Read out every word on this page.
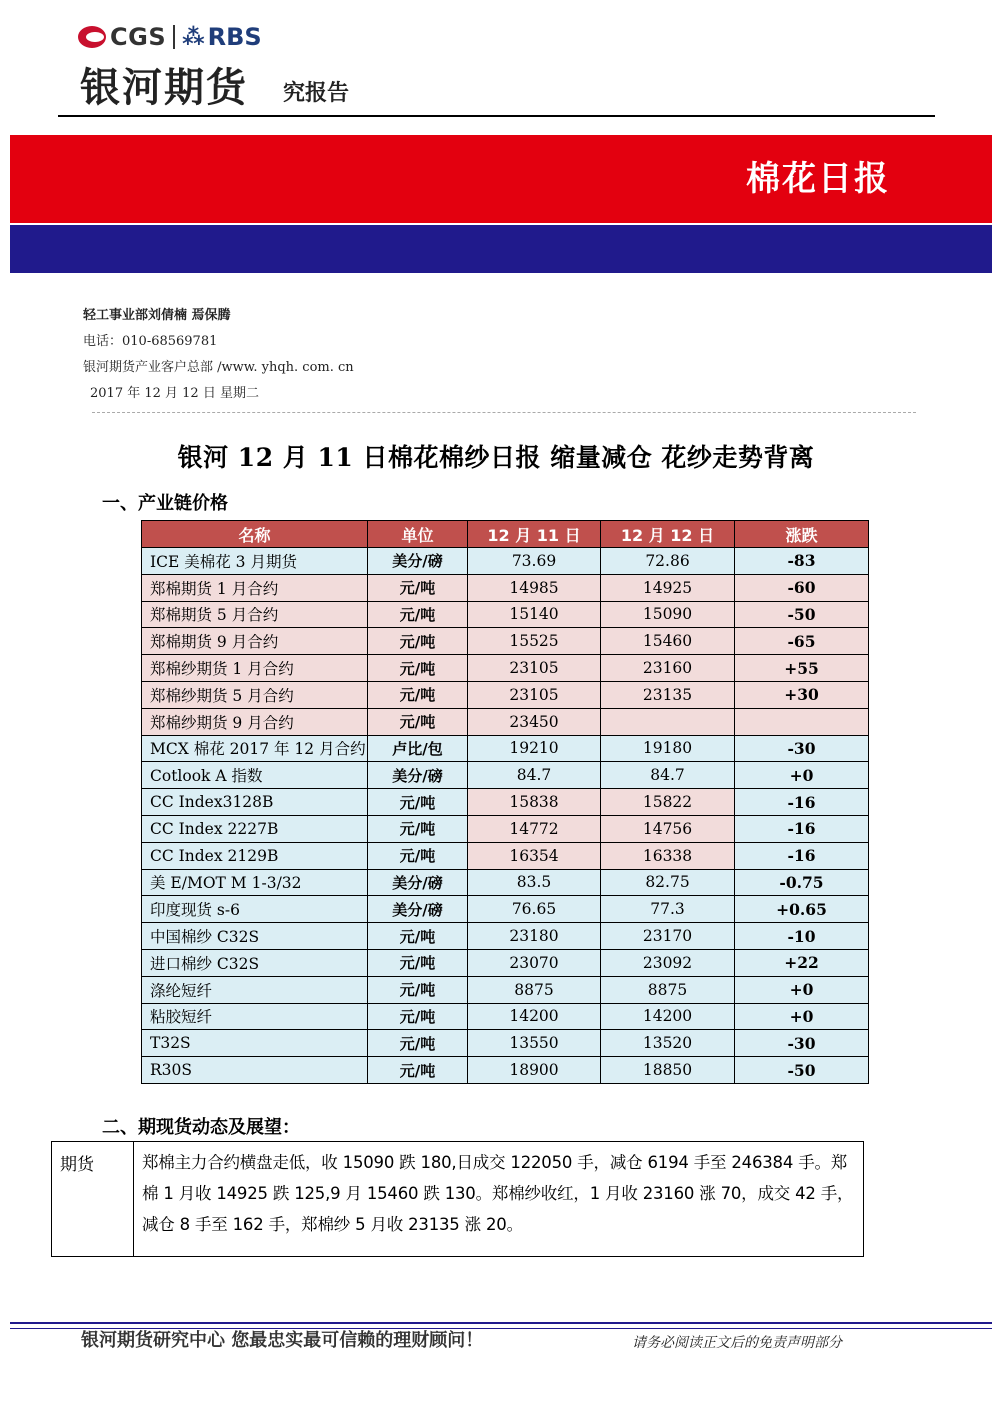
CGS ⁂ RBS
银河期货 究报告
棉花日报
轻工事业部刘倩楠 焉保腾
电话：010-68569781
银河期货产业客户总部 /www. yhqh. com. cn
2017 年 12 月 12 日 星期二
银河 12 月 11 日棉花棉纱日报 缩量减仓 花纱走势背离
一、产业链价格
名称	单位	12 月 11 日	12 月 12 日	涨跌
ICE 美棉花 3 月期货	美分/磅	73.69	72.86	-83
郑棉期货 1 月合约	元/吨	14985	14925	-60
郑棉期货 5 月合约	元/吨	15140	15090	-50
郑棉期货 9 月合约	元/吨	15525	15460	-65
郑棉纱期货 1 月合约	元/吨	23105	23160	+55
郑棉纱期货 5 月合约	元/吨	23105	23135	+30
郑棉纱期货 9 月合约	元/吨	23450		
MCX 棉花 2017 年 12 月合约	卢比/包	19210	19180	-30
Cotlook A 指数	美分/磅	84.7	84.7	+0
CC Index3128B	元/吨	15838	15822	-16
CC Index 2227B	元/吨	14772	14756	-16
CC Index 2129B	元/吨	16354	16338	-16
美 E/MOT M 1-3/32	美分/磅	83.5	82.75	-0.75
印度现货 s-6	美分/磅	76.65	77.3	+0.65
中国棉纱 C32S	元/吨	23180	23170	-10
进口棉纱 C32S	元/吨	23070	23092	+22
涤纶短纤	元/吨	8875	8875	+0
粘胶短纤	元/吨	14200	14200	+0
T32S	元/吨	13550	13520	-30
R30S	元/吨	18900	18850	-50
二、期现货动态及展望：
期货	郑棉主力合约横盘走低，收 15090 跌 180,日成交 122050 手，减仓 6194 手至 246384 手。郑棉 1 月收 14925 跌 125,9 月 15460 跌 130。郑棉纱收红，1 月收 23160 涨 70，成交 42 手，减仓 8 手至 162 手，郑棉纱 5 月收 23135 涨 20。
银河期货研究中心 您最忠实最可信赖的理财顾问！	请务必阅读正文后的免责声明部分
